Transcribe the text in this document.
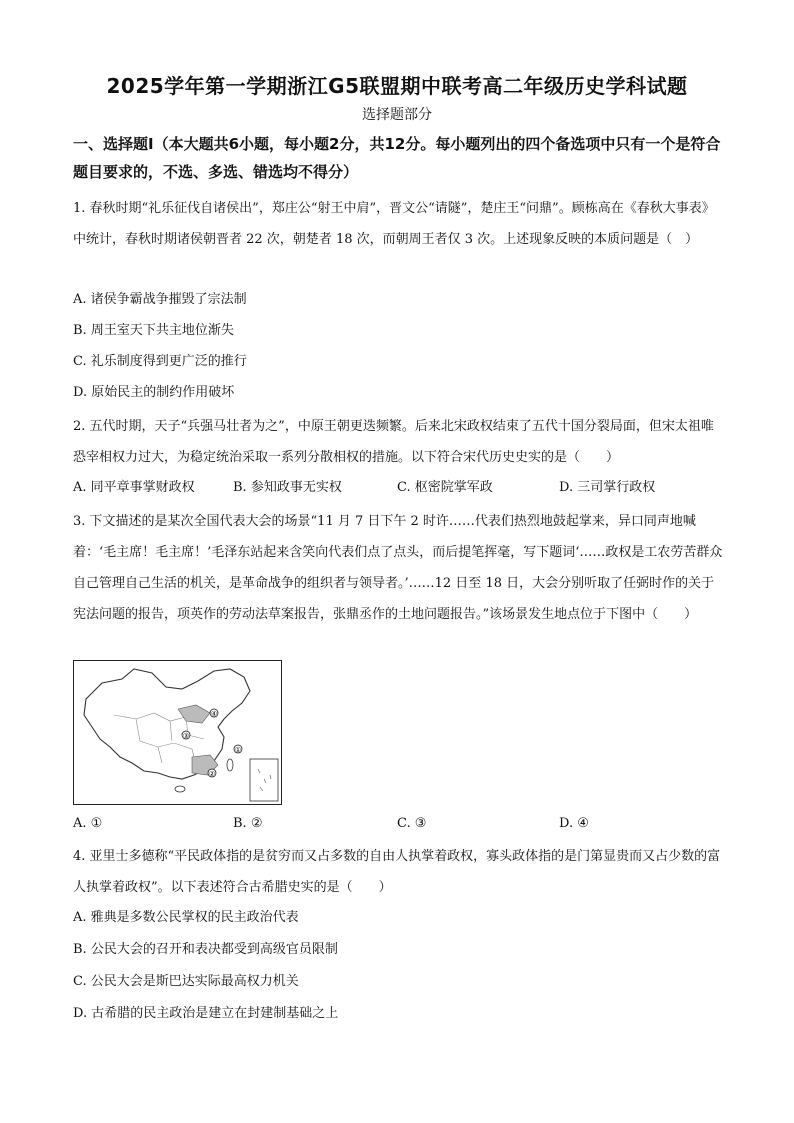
2025学年第一学期浙江G5联盟期中联考高二年级历史学科试题
选择题部分
一、选择题Ⅰ（本大题共6小题，每小题2分，共12分。每小题列出的四个备选项中只有一个是符合题目要求的，不选、多选、错选均不得分）
1. 春秋时期“礼乐征伐自诸侯出”，郑庄公“射王中肩”，晋文公“请隧”，楚庄王“问鼎”。顾栋高在《春秋大事表》中统计，春秋时期诸侯朝晋者 22 次，朝楚者 18 次，而朝周王者仅 3 次。上述现象反映的本质问题是（　）
A. 诸侯争霸战争摧毁了宗法制
B. 周王室天下共主地位渐失
C. 礼乐制度得到更广泛的推行
D. 原始民主的制约作用破坏
2. 五代时期，天子“兵强马壮者为之”，中原王朝更迭频繁。后来北宋政权结束了五代十国分裂局面，但宋太祖唯恐宰相权力过大，为稳定统治采取一系列分散相权的措施。以下符合宋代历史史实的是（　　）
A. 同平章事掌财政权	B. 参知政事无实权	C. 枢密院掌军政	D. 三司掌行政权
3. 下文描述的是某次全国代表大会的场景“11 月 7 日下午 2 时许……代表们热烈地鼓起掌来，异口同声地喊着：‘毛主席！毛主席！’毛泽东站起来含笑向代表们点了点头，而后提笔挥毫，写下题词‘……政权是工农劳苦群众自己管理自己生活的机关，是革命战争的组织者与领导者。’……12 日至 18 日，大会分别听取了任弼时作的关于宪法问题的报告，项英作的劳动法草案报告，张鼎丞作的土地问题报告。”该场景发生地点位于下图中（　　）
①
②
③
④
A. ①	B. ②	C. ③	D. ④
4. 亚里士多德称“平民政体指的是贫穷而又占多数的自由人执掌着政权，寡头政体指的是门第显贵而又占少数的富人执掌着政权”。以下表述符合古希腊史实的是（　　）
A. 雅典是多数公民掌权的民主政治代表
B. 公民大会的召开和表决都受到高级官员限制
C. 公民大会是斯巴达实际最高权力机关
D. 古希腊的民主政治是建立在封建制基础之上
